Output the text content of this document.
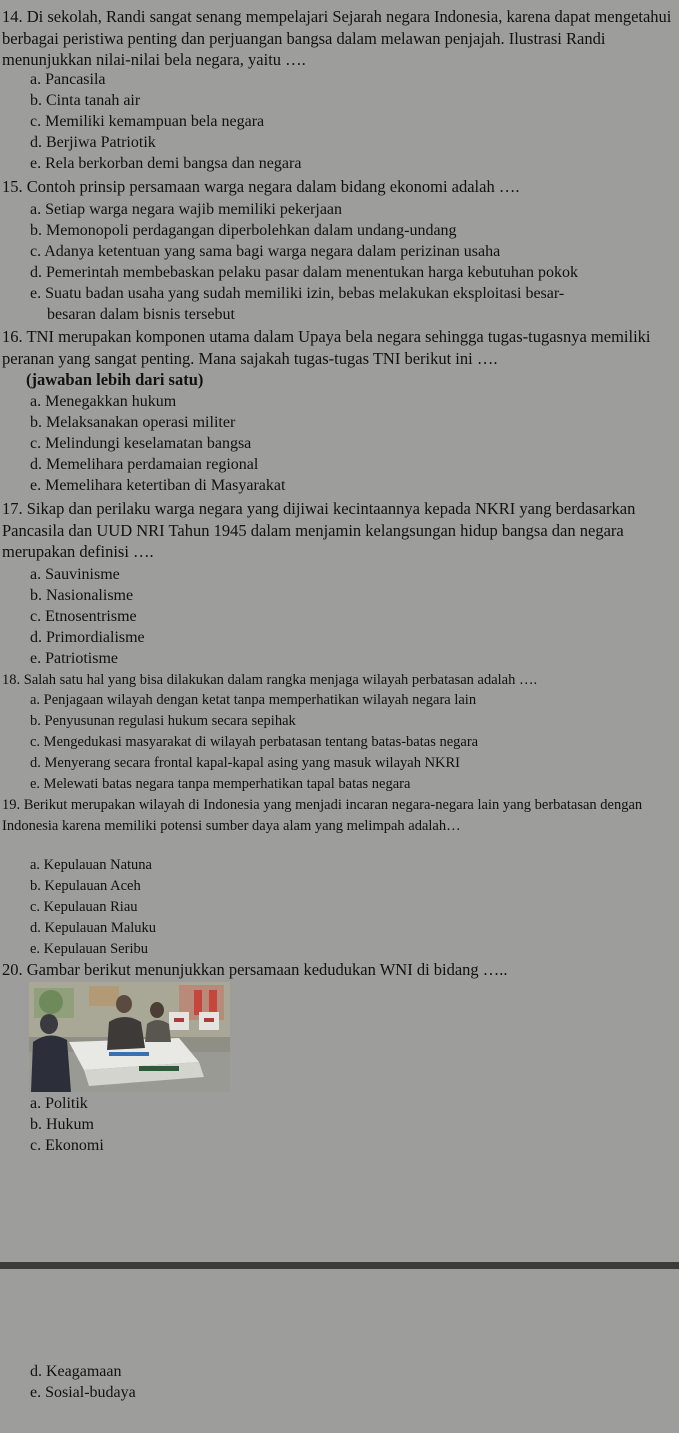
14. Di sekolah, Randi sangat senang mempelajari Sejarah negara Indonesia, karena dapat mengetahui berbagai peristiwa penting dan perjuangan bangsa dalam melawan penjajah. Ilustrasi Randi menunjukkan nilai-nilai bela negara, yaitu ….
a. Pancasila
b. Cinta tanah air
c. Memiliki kemampuan bela negara
d. Berjiwa Patriotik
e. Rela berkorban demi bangsa dan negara
15. Contoh prinsip persamaan warga negara dalam bidang ekonomi adalah ….
a. Setiap warga negara wajib memiliki pekerjaan
b. Memonopoli perdagangan diperbolehkan dalam undang-undang
c. Adanya ketentuan yang sama bagi warga negara dalam perizinan usaha
d. Pemerintah membebaskan pelaku pasar dalam menentukan harga kebutuhan pokok
e. Suatu badan usaha yang sudah memiliki izin, bebas melakukan eksploitasi besar-
besaran dalam bisnis tersebut
16. TNI merupakan komponen utama dalam Upaya bela negara sehingga tugas-tugasnya memiliki peranan yang sangat penting. Mana sajakah tugas-tugas TNI berikut ini ….
(jawaban lebih dari satu)
a. Menegakkan hukum
b. Melaksanakan operasi militer
c. Melindungi keselamatan bangsa
d. Memelihara perdamaian regional
e. Memelihara ketertiban di Masyarakat
17. Sikap dan perilaku warga negara yang dijiwai kecintaannya kepada NKRI yang berdasarkan Pancasila dan UUD NRI Tahun 1945 dalam menjamin kelangsungan hidup bangsa dan negara merupakan definisi ….
a. Sauvinisme
b. Nasionalisme
c. Etnosentrisme
d. Primordialisme
e. Patriotisme
18. Salah satu hal yang bisa dilakukan dalam rangka menjaga wilayah perbatasan adalah ….
a. Penjagaan wilayah dengan ketat tanpa memperhatikan wilayah negara lain
b. Penyusunan regulasi hukum secara sepihak
c. Mengedukasi masyarakat di wilayah perbatasan tentang batas-batas negara
d. Menyerang secara frontal kapal-kapal asing yang masuk wilayah NKRI
e. Melewati batas negara tanpa memperhatikan tapal batas negara
19. Berikut merupakan wilayah di Indonesia yang menjadi incaran negara-negara lain yang berbatasan dengan Indonesia karena memiliki potensi sumber daya alam yang melimpah adalah…
a. Kepulauan Natuna
b. Kepulauan Aceh
c. Kepulauan Riau
d. Kepulauan Maluku
e. Kepulauan Seribu
20. Gambar berikut menunjukkan persamaan kedudukan WNI di bidang …..
a. Politik
b. Hukum
c. Ekonomi
d. Keagamaan
e. Sosial-budaya
